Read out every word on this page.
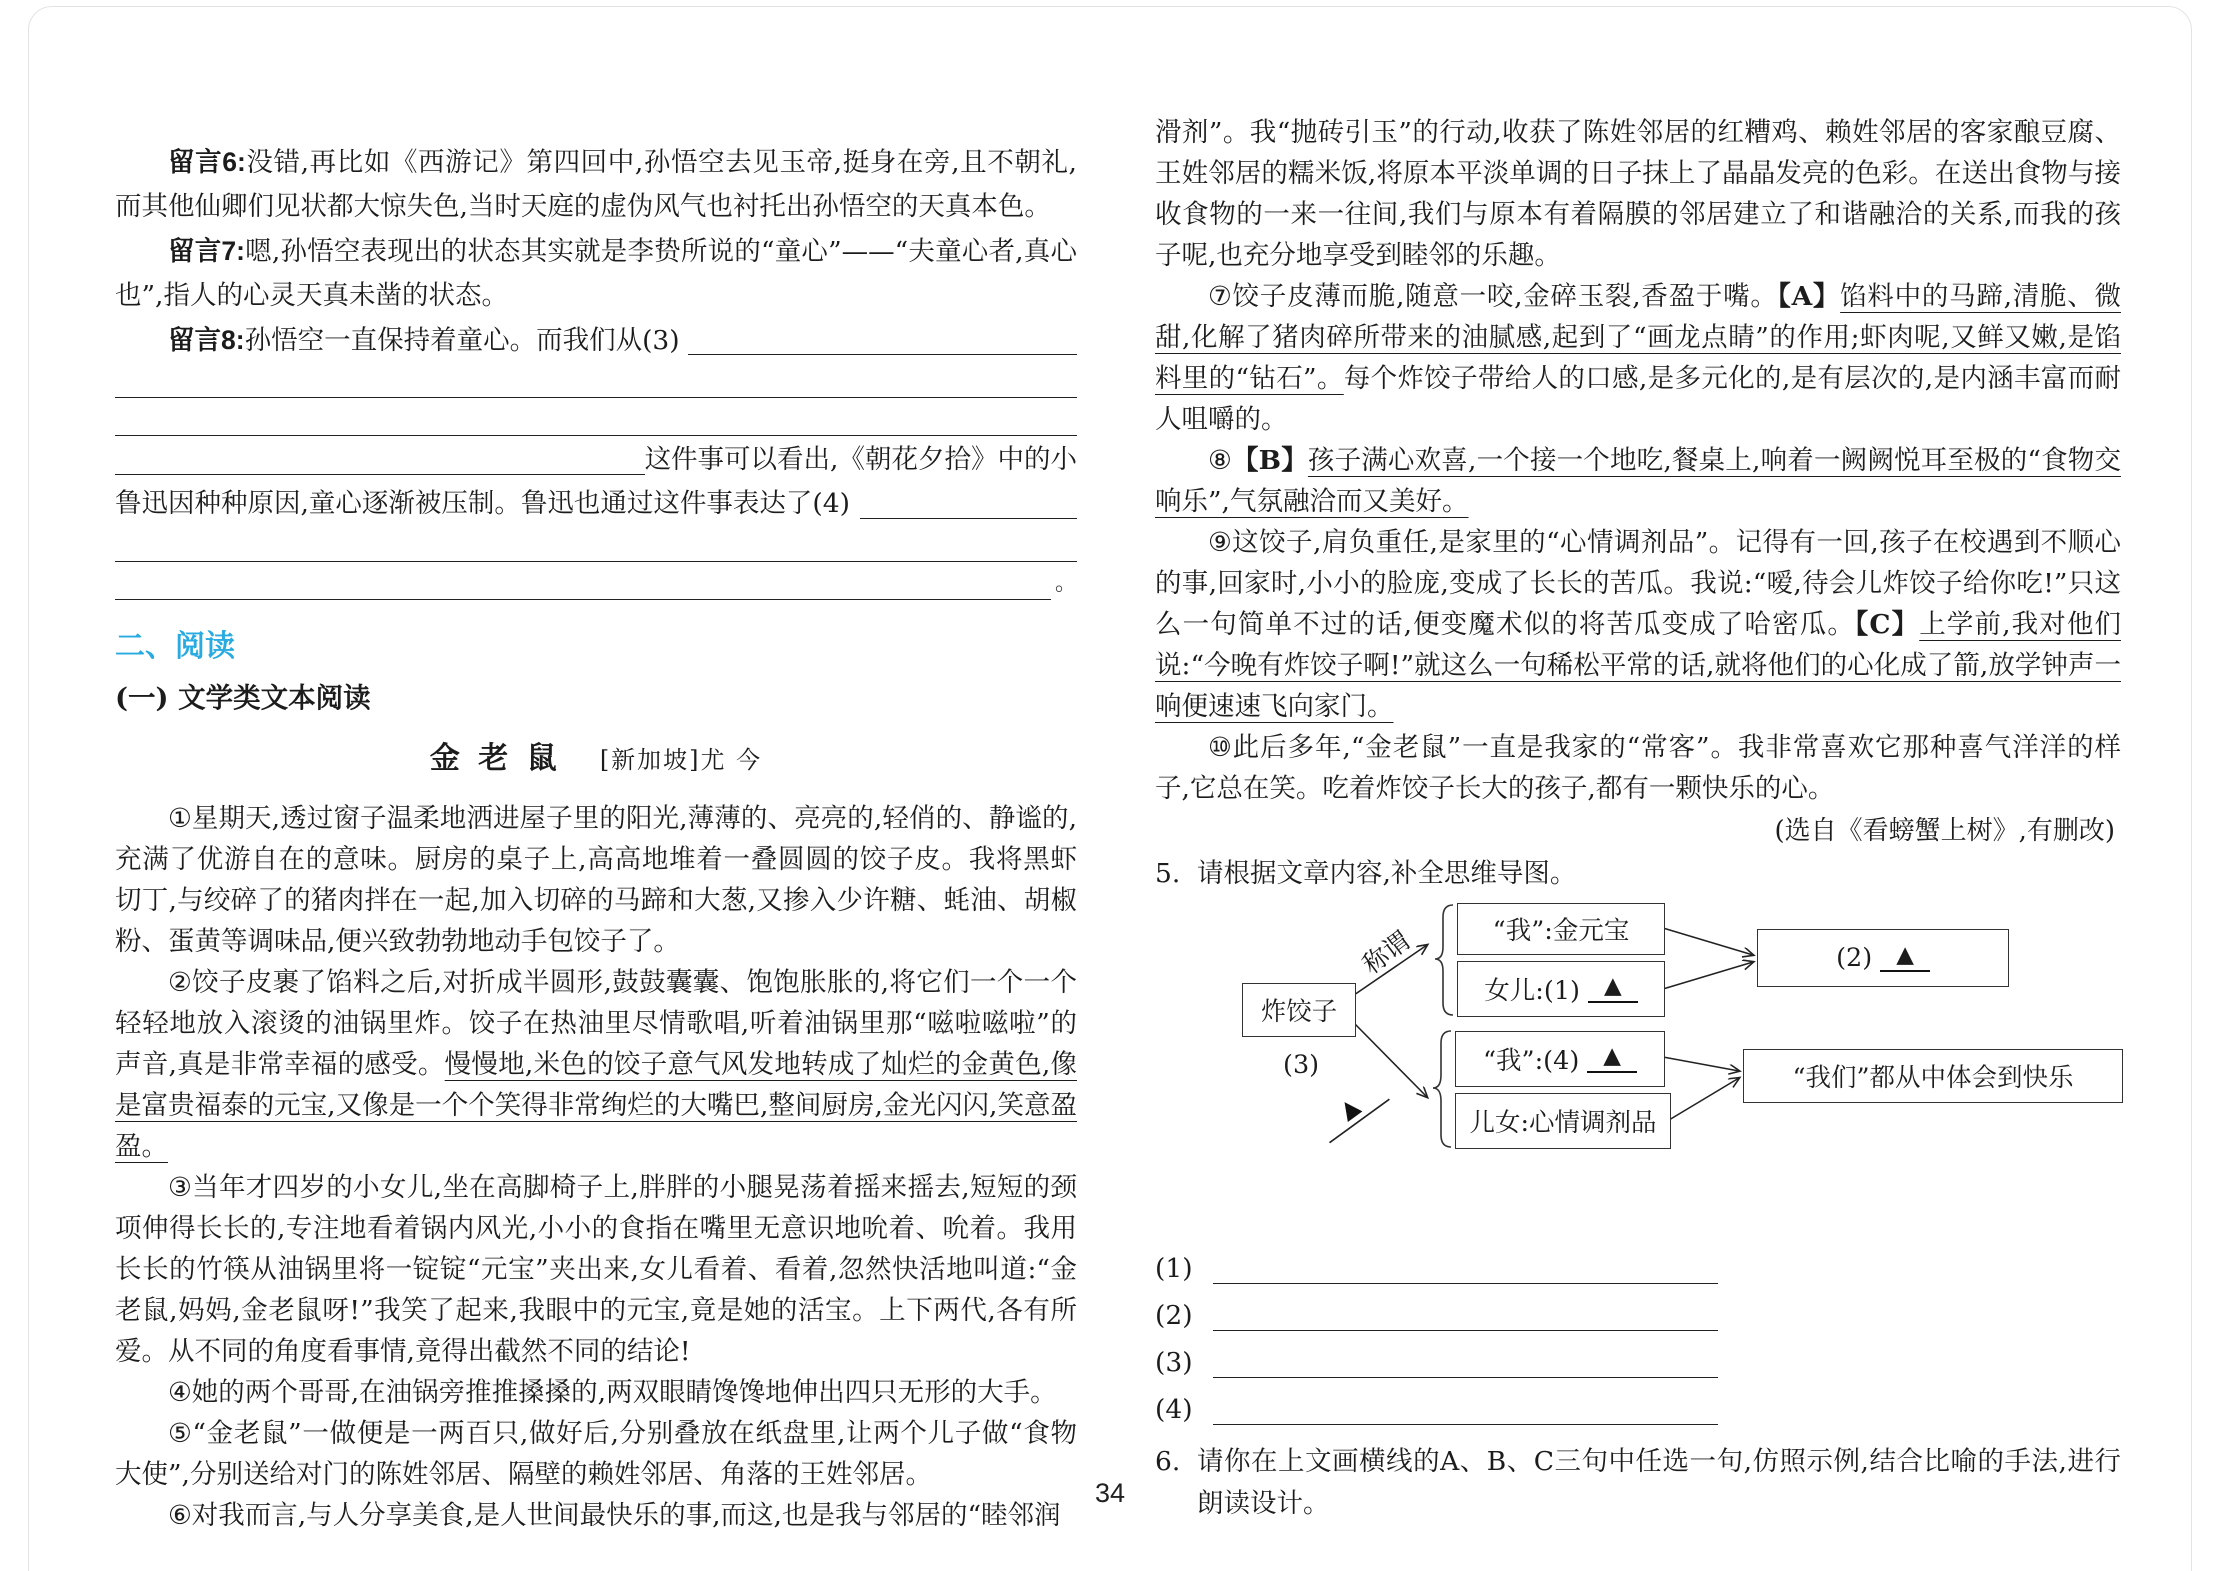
留言6:没错,再比如《西游记》第四回中,孙悟空去见玉帝,挺身在旁,且不朝礼,而其他仙卿们见状都大惊失色,当时天庭的虚伪风气也衬托出孙悟空的天真本色。

留言7:嗯,孙悟空表现出的状态其实就是李贽所说的“童心”——“夫童心者,真心也”,指人的心灵天真未凿的状态。

留言8:孙悟空一直保持着童心。而我们从(3)
这件事可以看出,《朝花夕拾》中的小
鲁迅因种种原因,童心逐渐被压制。鲁迅也通过这件事表达了(4)
。
二、阅读
(一) 文学类文本阅读
金 老 鼠 [新加坡]尤 今

①星期天,透过窗子温柔地洒进屋子里的阳光,薄薄的、亮亮的,轻俏的、静谧的,充满了优游自在的意味。厨房的桌子上,高高地堆着一叠圆圆的饺子皮。我将黑虾切丁,与绞碎了的猪肉拌在一起,加入切碎的马蹄和大葱,又掺入少许糖、蚝油、胡椒粉、蛋黄等调味品,便兴致勃勃地动手包饺子了。

②饺子皮裹了馅料之后,对折成半圆形,鼓鼓囊囊、饱饱胀胀的,将它们一个一个轻轻地放入滚烫的油锅里炸。饺子在热油里尽情歌唱,听着油锅里那“嗞啦嗞啦”的声音,真是非常幸福的感受。慢慢地,米色的饺子意气风发地转成了灿烂的金黄色,像是富贵福泰的元宝,又像是一个个笑得非常绚烂的大嘴巴,整间厨房,金光闪闪,笑意盈盈。

③当年才四岁的小女儿,坐在高脚椅子上,胖胖的小腿晃荡着摇来摇去,短短的颈项伸得长长的,专注地看着锅内风光,小小的食指在嘴里无意识地吮着、吮着。我用长长的竹筷从油锅里将一锭锭“元宝”夹出来,女儿看着、看着,忽然快活地叫道:“金老鼠,妈妈,金老鼠呀!”我笑了起来,我眼中的元宝,竟是她的活宝。上下两代,各有所爱。从不同的角度看事情,竟得出截然不同的结论!

④她的两个哥哥,在油锅旁推推搡搡的,两双眼睛馋馋地伸出四只无形的大手。

⑤“金老鼠”一做便是一两百只,做好后,分别叠放在纸盘里,让两个儿子做“食物大使”,分别送给对门的陈姓邻居、隔壁的赖姓邻居、角落的王姓邻居。

⑥对我而言,与人分享美食,是人世间最快乐的事,而这,也是我与邻居的“睦邻润

滑剂”。我“抛砖引玉”的行动,收获了陈姓邻居的红糟鸡、赖姓邻居的客家酿豆腐、王姓邻居的糯米饭,将原本平淡单调的日子抹上了晶晶发亮的色彩。在送出食物与接收食物的一来一往间,我们与原本有着隔膜的邻居建立了和谐融洽的关系,而我的孩子呢,也充分地享受到睦邻的乐趣。

⑦饺子皮薄而脆,随意一咬,金碎玉裂,香盈于嘴。【A】馅料中的马蹄,清脆、微甜,化解了猪肉碎所带来的油腻感,起到了“画龙点睛”的作用;虾肉呢,又鲜又嫩,是馅料里的“钻石”。每个炸饺子带给人的口感,是多元化的,是有层次的,是内涵丰富而耐人咀嚼的。

⑧【B】孩子满心欢喜,一个接一个地吃,餐桌上,响着一阙阙悦耳至极的“食物交响乐”,气氛融洽而又美好。

⑨这饺子,肩负重任,是家里的“心情调剂品”。记得有一回,孩子在校遇到不顺心的事,回家时,小小的脸庞,变成了长长的苦瓜。我说:“嗳,待会儿炸饺子给你吃!”只这么一句简单不过的话,便变魔术似的将苦瓜变成了哈密瓜。【C】上学前,我对他们说:“今晚有炸饺子啊!”就这么一句稀松平常的话,就将他们的心化成了箭,放学钟声一响便速速飞向家门。

⑩此后多年,“金老鼠”一直是我家的“常客”。我非常喜欢它那种喜气洋洋的样子,它总在笑。吃着炸饺子长大的孩子,都有一颗快乐的心。

(选自《看螃蟹上树》,有删改)

5. 请根据文章内容,补全思维导图。

称谓
(3)
炸饺子
“我”:金元宝
女儿:(1)	▲
(2)	▲
“我”:(4)	▲
儿女:心情调剂品
“我们”都从中体会到快乐
(1)
(2)
(3)
(4)

6. 请你在上文画横线的A、B、C三句中任选一句,仿照示例,结合比喻的手法,进行朗读设计。

34
